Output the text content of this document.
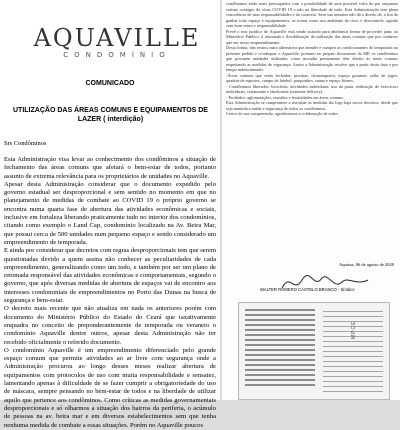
AQUAVILLE
CONDOMÍNIO
COMUNICADO
UTILIZAÇÃO DAS ÁREAS COMUNS E EQUIPAMENTOS DE LAZER ( interdição)
Srs Condôminos

Esta Administração visa levar ao conhecimento dos condôminos a situação de fechamento das áreas comuns que afetará o bem-estar de todos, portanto assunto de extrema relevância para os proprietários de unidades no Aquaville.

Apesar desta Administração considerar que o documento expedido pelo governo estadual ser desproporcional e sem sentido no momento em que no planejamento de medidas de combate ao COVID 19 o próprio governo se encontra numa quarta fase de abertura das atividades econômicas e sociais, inclusive em fortaleza liberando praticamente tudo no interior dos condomínios, citando como exemplo o Land Cap, condomínio localizado na Av. Beira Mar, que possui cerca de 500 unidades num pequeno espaço e sendo considerado um empreendimento de temporada.

E ainda por considerar que decretos com regras desproporcionais tem que serem questionadas devido a quem assina não conhecer as peculiaridades de cada empreendimento, generalizando como um todo, e também por ser um plano de retomada responsável das atividades econômicas e comportamentais, segundo o governo, que após diversas medidas de abertura de espaços vai de encontro aos interesses condominiais de empreendimentos no Porto das Dunas na busca de segurança e bem-estar.

O decreto mais recente que não atualiza em nada os anteriores porém com documento do Ministério Público do Estado do Ceará que taxativamente enquadra no conceito de preponderantemente de temporada ou veraneio o condomínio Aquaville dentre outros, apesar desta Administração não ter recebido oficialmente o referido documento.

O condomínio Aquaville é um empreendimento diferenciado pelo grande espaço comum que permite atividades ao ar livre com segurança onde a Administração procurou ao longo desses meses realizar abertura de equipamentos com protocolos de uso com muita responsabilidade e sensatez, lamentando apenas à dificuldade de se fazer cumprir a obrigatoriedade do uso de máscara, sempre pensando no bem-estar de todos e na liberdade de utilizar aquilo que pertence aos condôminos. Como críticas as medidas governamentais desproporcionais e só olharmos a situação dos bairros da periferia, o acúmulo de pessoas na av. beira mar e em diversos estabelecimentos sem que tenha nenhuma medida de combate a essas situações. Porém no Aquaville poucos

condôminos estão mais preocupados com a possibilidade de uma possível volta do por enquanto extinto contágio do vírus COVID 19 e não na liberdade de tudo. Esta Administração tem plena consciência de suas responsabilidades e do contexto. Sem sua sensatez não dá o direito de, a fim de ganhar todo espaço e equipamentos, se tornar como um ambiente de risco e descontrole, agindo com bom senso e responsabilidade.

Prevê o teor jurídico do Aquaville está sendo acatado para abolirmos forma de proceder junto ao Ministério Público, à retomada e flexibilização de utilização das áreas comuns que por conhecer que em nosso empreendimento.

Desta forma, não restou outra alternativa que atender e cumprir as condicionantes de temporada no presente pedido e re-adequar o Aquaville, portanto no próprio documento do MP, os condôminos que possuem unidades utilizadas como moradia permanente têm direito às áreas comuns respeitando as medidas de segurança. Assim a Administração resolve que a partir desta data e por tempo indeterminado:

-Áreas comuns que serão fechadas: piscinas, churrasqueira, espaço gourmet, salão de jogos, quadras de esportes, campo de futebol, parquinhos, sauna e espaço fitness.

- Condôminos liberados: bicicletas, atividades individuais, uso da praia, realização de exercícios individuais, restaurante e lanchonete (somente delivery).

- Proibidos: aglomerações, reuniões e festividades em áreas comuns.

Esta Administração se compromete a reavaliar as medidas tão logo haja novos decretos, desde que seja mantida a saúde e segurança de todos os condôminos.

Certos de sua compreensão, agradecemos a colaboração de todos.

Aquiraz, 06 de agosto de 2020
WALTER ROMERO CASTELO BRANCO - Síndico
MPCE
